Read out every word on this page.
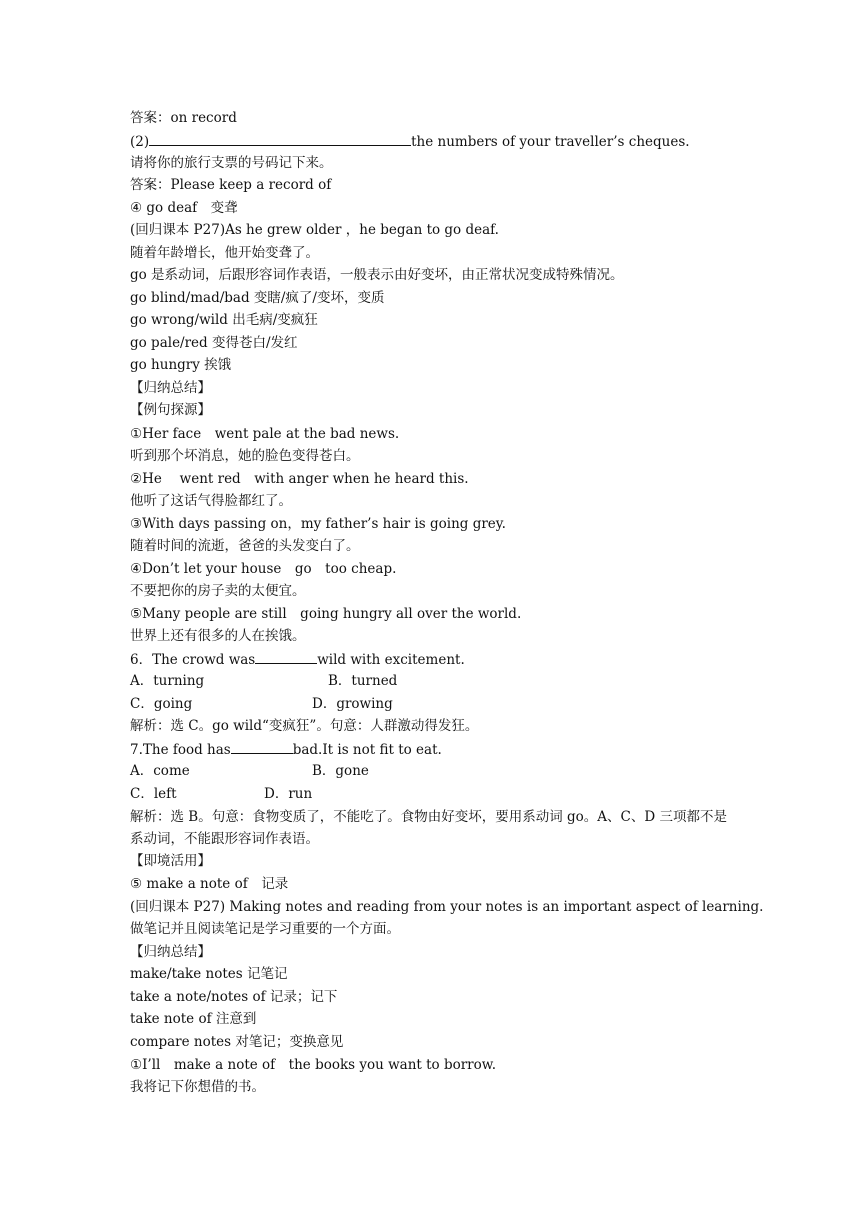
答案：on record
(2)	the numbers of your traveller’s cheques.
请将你的旅行支票的号码记下来。
答案：Please keep a record of
④ go deaf　变聋
(回归课本 P27)As he grew older ，he began to go deaf.
随着年龄增长，他开始变聋了。
go 是系动词，后跟形容词作表语，一般表示由好变坏，由正常状况变成特殊情况。
go blind/mad/bad 变瞎/疯了/变坏，变质
go wrong/wild 出毛病/变疯狂
go pale/red 变得苍白/发红
go hungry 挨饿
【归纳总结】
【例句探源】
①Her face　went pale at the bad news.
听到那个坏消息，她的脸色变得苍白。
②He　 went red　with anger when he heard this.
他听了这话气得脸都红了。
③With days passing on，my father’s hair is going grey.
随着时间的流逝，爸爸的头发变白了。
④Don’t let your house　go　too cheap.
不要把你的房子卖的太便宜。
⑤Many people are still　going hungry all over the world.
世界上还有很多的人在挨饿。
6．The crowd was	wild with excitement.
A．turning	B．turned
C．going	D．growing
解析：选 C。go wild“变疯狂”。句意：人群激动得发狂。
7.The food has	bad.It is not fit to eat.
A．come	B．gone
C．left	D．run
解析：选 B。句意：食物变质了，不能吃了。食物由好变坏，要用系动词 go。A、C、D 三项都不是系动词，不能跟形容词作表语。
【即境活用】
⑤ make a note of　记录
(回归课本 P27) Making notes and reading from your notes is an important aspect of learning.
做笔记并且阅读笔记是学习重要的一个方面。
【归纳总结】
make/take notes 记笔记
take a note/notes of 记录；记下
take note of 注意到
compare notes 对笔记；变换意见
①I’ll　make a note of　the books you want to borrow.
我将记下你想借的书。
